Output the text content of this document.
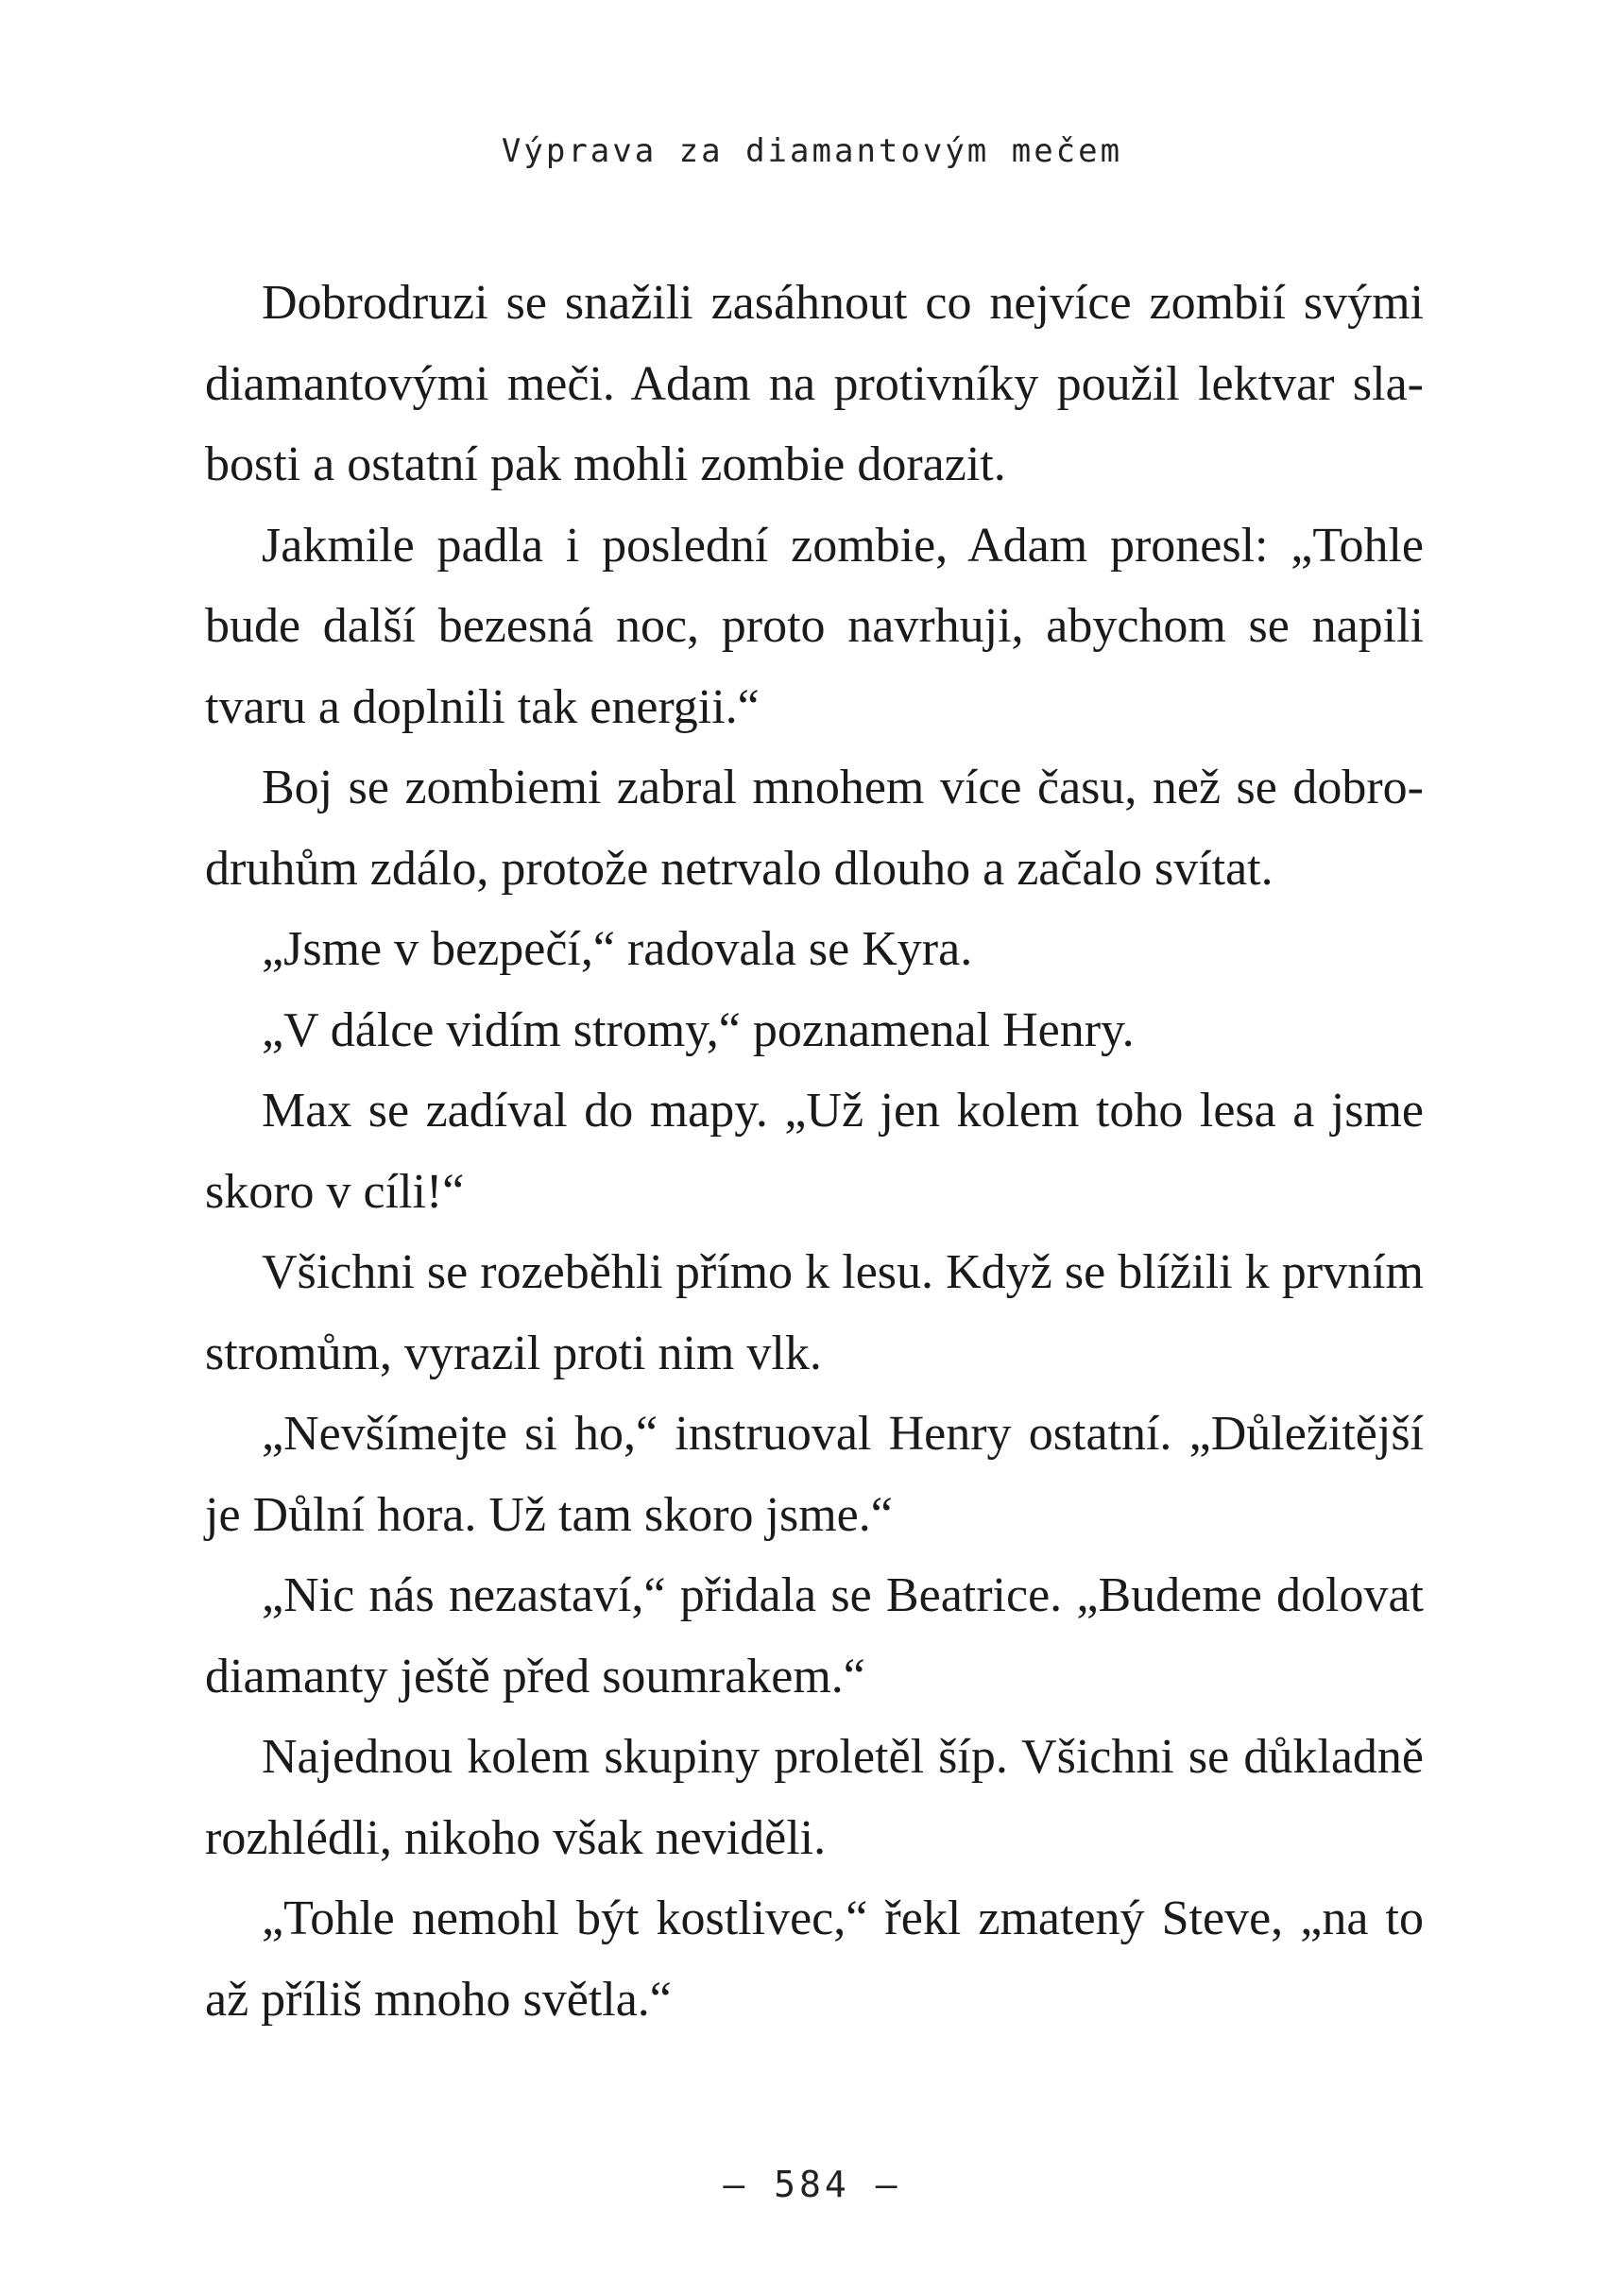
Výprava za diamantovým mečem
Dobrodruzi se snažili zasáhnout co nejvíce zombií svými
diamantovými meči. Adam na protivníky použil lektvar sla-
bosti a ostatní pak mohli zombie dorazit.
Jakmile padla i poslední zombie, Adam pronesl: „Tohle
bude další bezesná noc, proto navrhuji, abychom se napili
tvaru a doplnili tak energii.“
Boj se zombiemi zabral mnohem více času, než se dobro-
druhům zdálo, protože netrvalo dlouho a začalo svítat.
„Jsme v bezpečí,“ radovala se Kyra.
„V dálce vidím stromy,“ poznamenal Henry.
Max se zadíval do mapy. „Už jen kolem toho lesa a jsme
skoro v cíli!“
Všichni se rozeběhli přímo k lesu. Když se blížili k prvním
stromům, vyrazil proti nim vlk.
„Nevšímejte si ho,“ instruoval Henry ostatní. „Důležitější
je Důlní hora. Už tam skoro jsme.“
„Nic nás nezastaví,“ přidala se Beatrice. „Budeme dolovat
diamanty ještě před soumrakem.“
Najednou kolem skupiny proletěl šíp. Všichni se důkladně
rozhlédli, nikoho však neviděli.
„Tohle nemohl být kostlivec,“ řekl zmatený Steve, „na to
až příliš mnoho světla.“
– 584 –
